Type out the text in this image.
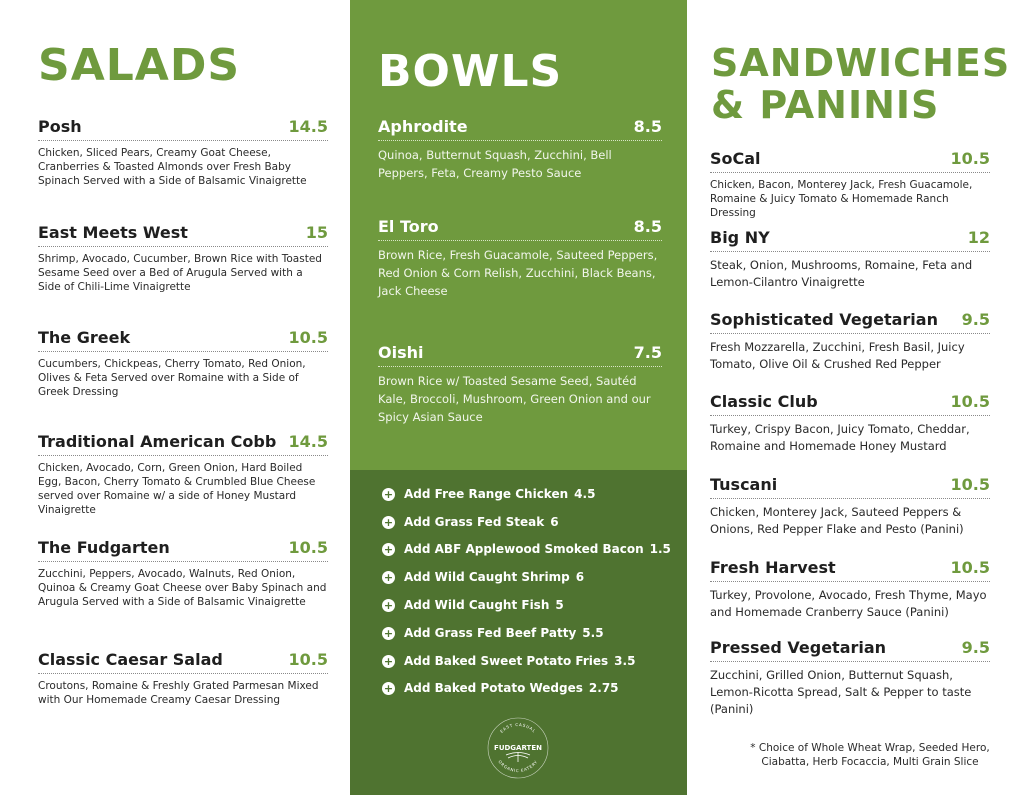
SALADS
Posh	14.5
Chicken, Sliced Pears, Creamy Goat Cheese, Cranberries & Toasted Almonds over Fresh Baby Spinach Served with a Side of Balsamic Vinaigrette
East Meets West	15
Shrimp, Avocado, Cucumber, Brown Rice with Toasted Sesame Seed over a Bed of Arugula Served with a Side of Chili-Lime Vinaigrette
The Greek	10.5
Cucumbers, Chickpeas, Cherry Tomato, Red Onion, Olives & Feta Served over Romaine with a Side of Greek Dressing
Traditional American Cobb 14.5
Chicken, Avocado, Corn, Green Onion, Hard Boiled Egg, Bacon, Cherry Tomato & Crumbled Blue Cheese served over Romaine w/ a side of Honey Mustard Vinaigrette
The Fudgarten	10.5
Zucchini, Peppers, Avocado, Walnuts, Red Onion, Quinoa & Creamy Goat Cheese over Baby Spinach and Arugula Served with a Side of Balsamic Vinaigrette
Classic Caesar Salad	10.5
Croutons, Romaine & Freshly Grated Parmesan Mixed with Our Homemade Creamy Caesar Dressing
BOWLS
Aphrodite	8.5
Quinoa, Butternut Squash, Zucchini, Bell Peppers, Feta, Creamy Pesto Sauce
El Toro	8.5
Brown Rice, Fresh Guacamole, Sauteed Peppers, Red Onion & Corn Relish, Zucchini, Black Beans, Jack Cheese
Oishi	7.5
Brown Rice w/ Toasted Sesame Seed, Sautéd Kale, Broccoli, Mushroom, Green Onion and our Spicy Asian Sauce
+ Add Free Range Chicken 4.5
+ Add Grass Fed Steak 6
+ Add ABF Applewood Smoked Bacon 1.5
+ Add Wild Caught Shrimp 6
+ Add Wild Caught Fish 5
+ Add Grass Fed Beef Patty 5.5
+ Add Baked Sweet Potato Fries 3.5
+ Add Baked Potato Wedges 2.75
EAST CASUAL
FUDGARTEN
ORGANIC EATERY
SANDWICHES
& PANINIS
SoCal	10.5
Chicken, Bacon, Monterey Jack, Fresh Guacamole, Romaine & Juicy Tomato & Homemade Ranch Dressing
Big NY	12
Steak, Onion, Mushrooms, Romaine, Feta and Lemon-Cilantro Vinaigrette
Sophisticated Vegetarian 9.5
Fresh Mozzarella, Zucchini, Fresh Basil, Juicy Tomato, Olive Oil & Crushed Red Pepper
Classic Club	10.5
Turkey, Crispy Bacon, Juicy Tomato, Cheddar, Romaine and Homemade Honey Mustard
Tuscani	10.5
Chicken, Monterey Jack, Sauteed Peppers & Onions, Red Pepper Flake and Pesto (Panini)
Fresh Harvest	10.5
Turkey, Provolone, Avocado, Fresh Thyme, Mayo and Homemade Cranberry Sauce (Panini)
Pressed Vegetarian	9.5
Zucchini, Grilled Onion, Butternut Squash, Lemon-Ricotta Spread, Salt & Pepper to taste (Panini)
* Choice of Whole Wheat Wrap, Seeded Hero, Ciabatta, Herb Focaccia, Multi Grain Slice
